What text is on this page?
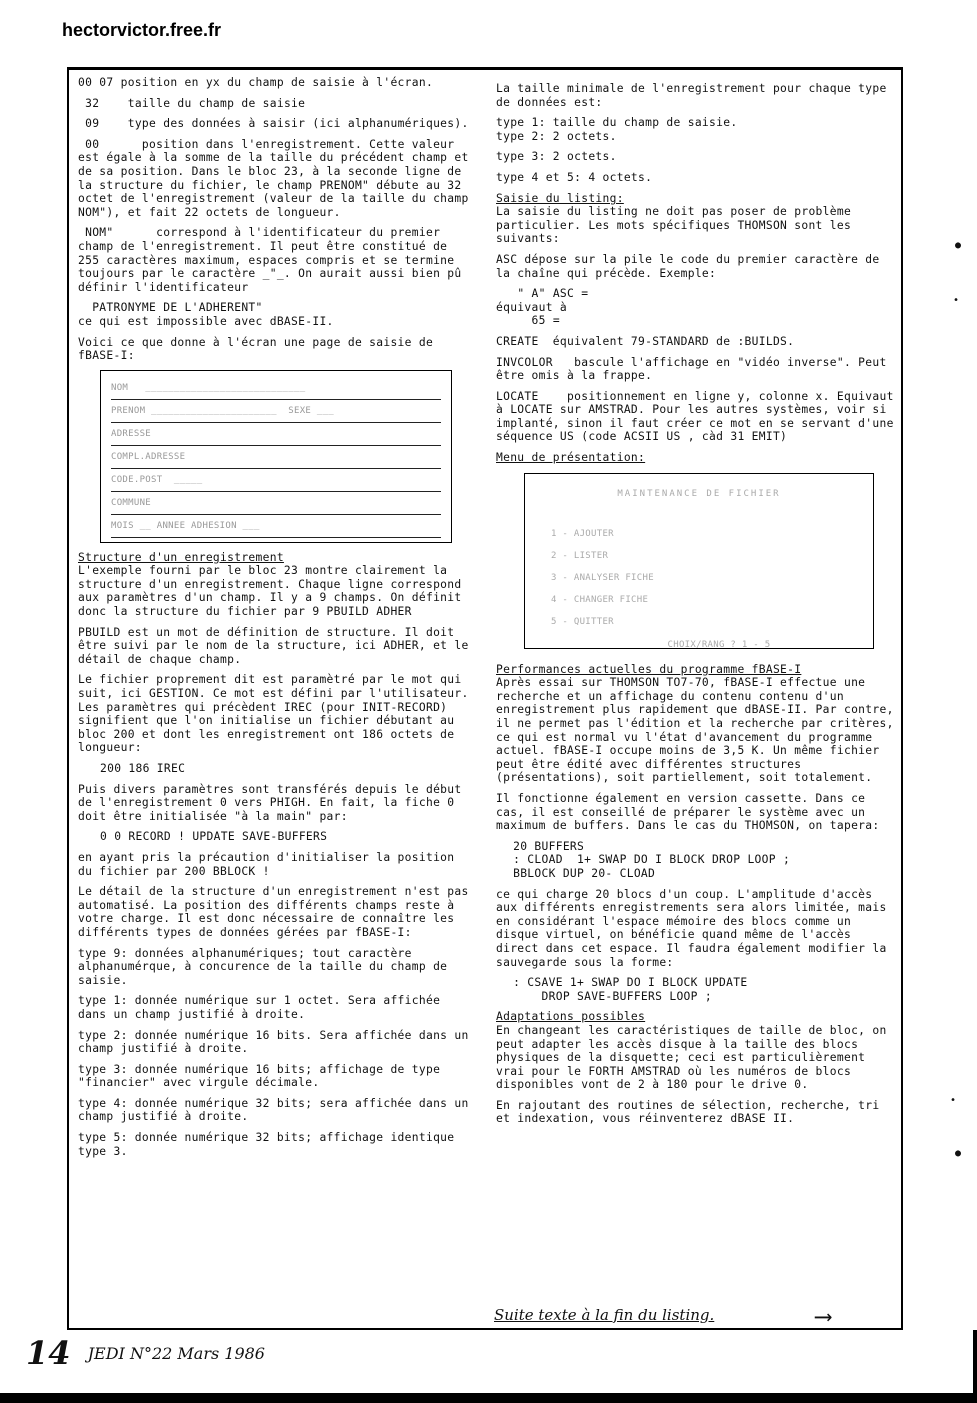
hectorvictor.free.fr

00 07 position en yx du champ de saisie à l'écran.

32    taille du champ de saisie

09    type des données à saisir (ici alphanumériques).

00      position dans l'enregistrement. Cette valeur est égale à la somme de la taille du précédent champ et de sa position. Dans le bloc 23, à la seconde ligne de la structure du fichier, le champ PRENOM" débute au 32 octet de l'enregistrement (valeur de la taille du champ NOM"), et fait 22 octets de longueur.

NOM"      correspond à l'identificateur du premier champ de l'enregistrement. Il peut être constitué de 255 caractères maximum, espaces compris et se termine toujours par le caractère _"_. On aurait aussi bien pû définir l'identificateur

PATRONYME DE L'ADHERENT"
ce qui est impossible avec dBASE-II.

Voici ce que donne à l'écran une page de saisie de fBASE-I:

NOM   ____________________________
PRENOM ______________________  SEXE ___
ADRESSE
COMPL.ADRESSE
CODE.POST  _____
COMMUNE
MOIS __ ANNEE ADHESION ___

Structure d'un enregistrement

L'exemple fourni par le bloc 23 montre clairement la structure d'un enregistrement. Chaque ligne correspond aux paramètres d'un champ. Il y a 9 champs. On définit donc la structure du fichier par 9 PBUILD ADHER

PBUILD est un mot de définition de structure. Il doit être suivi par le nom de la structure, ici ADHER, et le détail de chaque champ.

Le fichier proprement dit est paramètré par le mot qui suit, ici GESTION. Ce mot est défini par l'utilisateur. Les paramètres qui précèdent IREC (pour INIT-RECORD) signifient que l'on initialise un fichier débutant au bloc 200 et dont les enregistrement ont 186 octets de longueur:

200 186 IREC

Puis divers paramètres sont transférés depuis le début de l'enregistrement 0 vers PHIGH. En fait, la fiche 0 doit être initialisée "à la main" par:

0 0 RECORD ! UPDATE SAVE-BUFFERS

en ayant pris la précaution d'initialiser la position du fichier par 200 BBLOCK !

Le détail de la structure d'un enregistrement n'est pas automatisé. La position des différents champs reste à votre charge. Il est donc nécessaire de connaître les différents types de données gérées par fBASE-I:

type 9: données alphanumériques; tout caractère alphanumérque, à concurence de la taille du champ de saisie.

type 1: donnée numérique sur 1 octet. Sera affichée dans un champ justifié à droite.

type 2: donnée numérique 16 bits. Sera affichée dans un champ justifié à droite.

type 3: donnée numérique 16 bits; affichage de type "financier" avec virgule décimale.

type 4: donnée numérique 32 bits; sera affichée dans un champ justifié à droite.

type 5: donnée numérique 32 bits; affichage identique type 3.

La taille minimale de l'enregistrement pour chaque type de données est:

type 1: taille du champ de saisie.
type 2: 2 octets.

type 3: 2 octets.

type 4 et 5: 4 octets.

Saisie du listing:

La saisie du listing ne doit pas poser de problème particulier. Les mots spécifiques THOMSON sont les suivants:

ASC dépose sur la pile le code du premier caractère de la chaîne qui précède. Exemple:

" A" ASC =
équivaut à
65 =

CREATE  équivalent 79-STANDARD de :BUILDS.

INVCOLOR   bascule l'affichage en "vidéo inverse". Peut être omis à la frappe.

LOCATE    positionnement en ligne y, colonne x. Equivaut à LOCATE sur AMSTRAD. Pour les autres systèmes, voir si implanté, sinon il faut créer ce mot en se servant d'une séquence US (code ACSII US , càd 31 EMIT)

Menu de présentation:

MAINTENANCE DE FICHIER
1 - AJOUTER
2 - LISTER
3 - ANALYSER FICHE
4 - CHANGER FICHE
5 - QUITTER
CHOIX/RANG ? 1 - 5

Performances actuelles du programme fBASE-I

Après essai sur THOMSON TO7-70, fBASE-I effectue une recherche et un affichage du contenu contenu d'un enregistrement plus rapidement que dBASE-II. Par contre, il ne permet pas l'édition et la recherche par critères, ce qui est normal vu l'état d'avancement du programme actuel. fBASE-I occupe moins de 3,5 K. Un même fichier peut être édité avec différentes structures (présentations), soit partiellement, soit totalement.

Il fonctionne également en version cassette. Dans ce cas, il est conseillé de préparer le système avec un maximum de buffers. Dans le cas du THOMSON, on tapera:

20 BUFFERS
: CLOAD  1+ SWAP DO I BLOCK DROP LOOP ;
BBLOCK DUP 20- CLOAD

ce qui charge 20 blocs d'un coup. L'amplitude d'accès aux différents enregistrements sera alors limitée, mais en considérant l'espace mémoire des blocs comme un disque virtuel, on bénéficie quand même de l'accès direct dans cet espace. Il faudra également modifier la sauvegarde sous la forme:

: CSAVE 1+ SWAP DO I BLOCK UPDATE
DROP SAVE-BUFFERS LOOP ;

Adaptations possibles

En changeant les caractéristiques de taille de bloc, on peut adapter les accès disque à la taille des blocs physiques de la disquette; ceci est particulièrement vrai pour le FORTH AMSTRAD où les numéros de blocs disponibles vont de 2 à 180 pour le drive 0.

En rajoutant des routines de sélection, recherche, tri et indexation, vous réinventerez dBASE II.

Suite texte à la fin du listing.	⟶
14 JEDI N°22 Mars 1986
●
•
•
●
